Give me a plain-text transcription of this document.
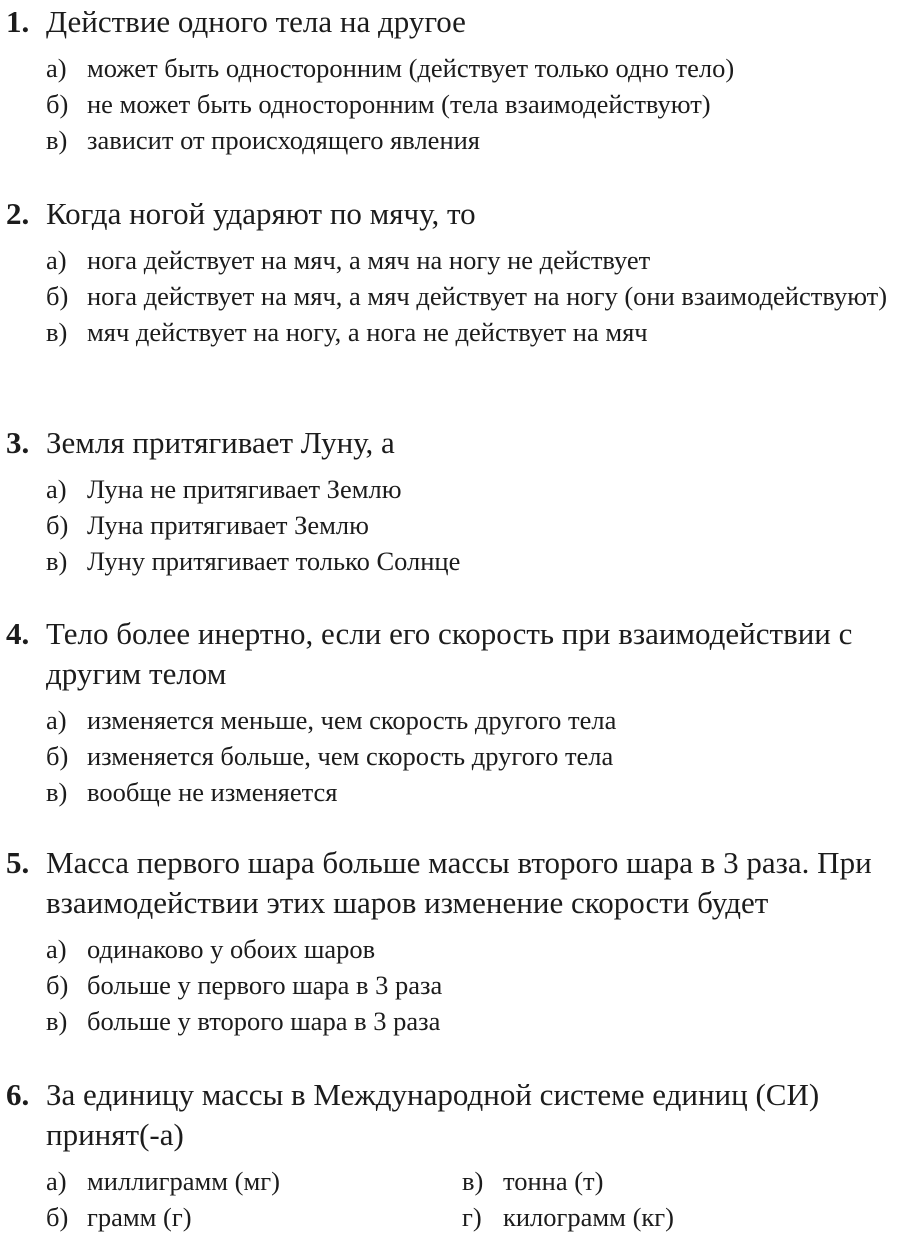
1. Действие одного тела на другое
а) может быть односторонним (действует только одно тело)
б) не может быть односторонним (тела взаимодействуют)
в) зависит от происходящего явления
2. Когда ногой ударяют по мячу, то
а) нога действует на мяч, а мяч на ногу не действует
б) нога действует на мяч, а мяч действует на ногу (они взаимодействуют)
в) мяч действует на ногу, а нога не действует на мяч
3. Земля притягивает Луну, а
а) Луна не притягивает Землю
б) Луна притягивает Землю
в) Луну притягивает только Солнце
4. Тело более инертно, если его скорость при взаимодействии с другим телом
а) изменяется меньше, чем скорость другого тела
б) изменяется больше, чем скорость другого тела
в) вообще не изменяется
5. Масса первого шара больше массы второго шара в 3 раза. При взаимодействии этих шаров изменение скорости будет
а) одинаково у обоих шаров
б) больше у первого шара в 3 раза
в) больше у второго шара в 3 раза
6. За единицу массы в Международной системе единиц (СИ) принят(-а)
а) миллиграмм (мг)	в) тонна (т)
б) грамм (г)	г) килограмм (кг)
